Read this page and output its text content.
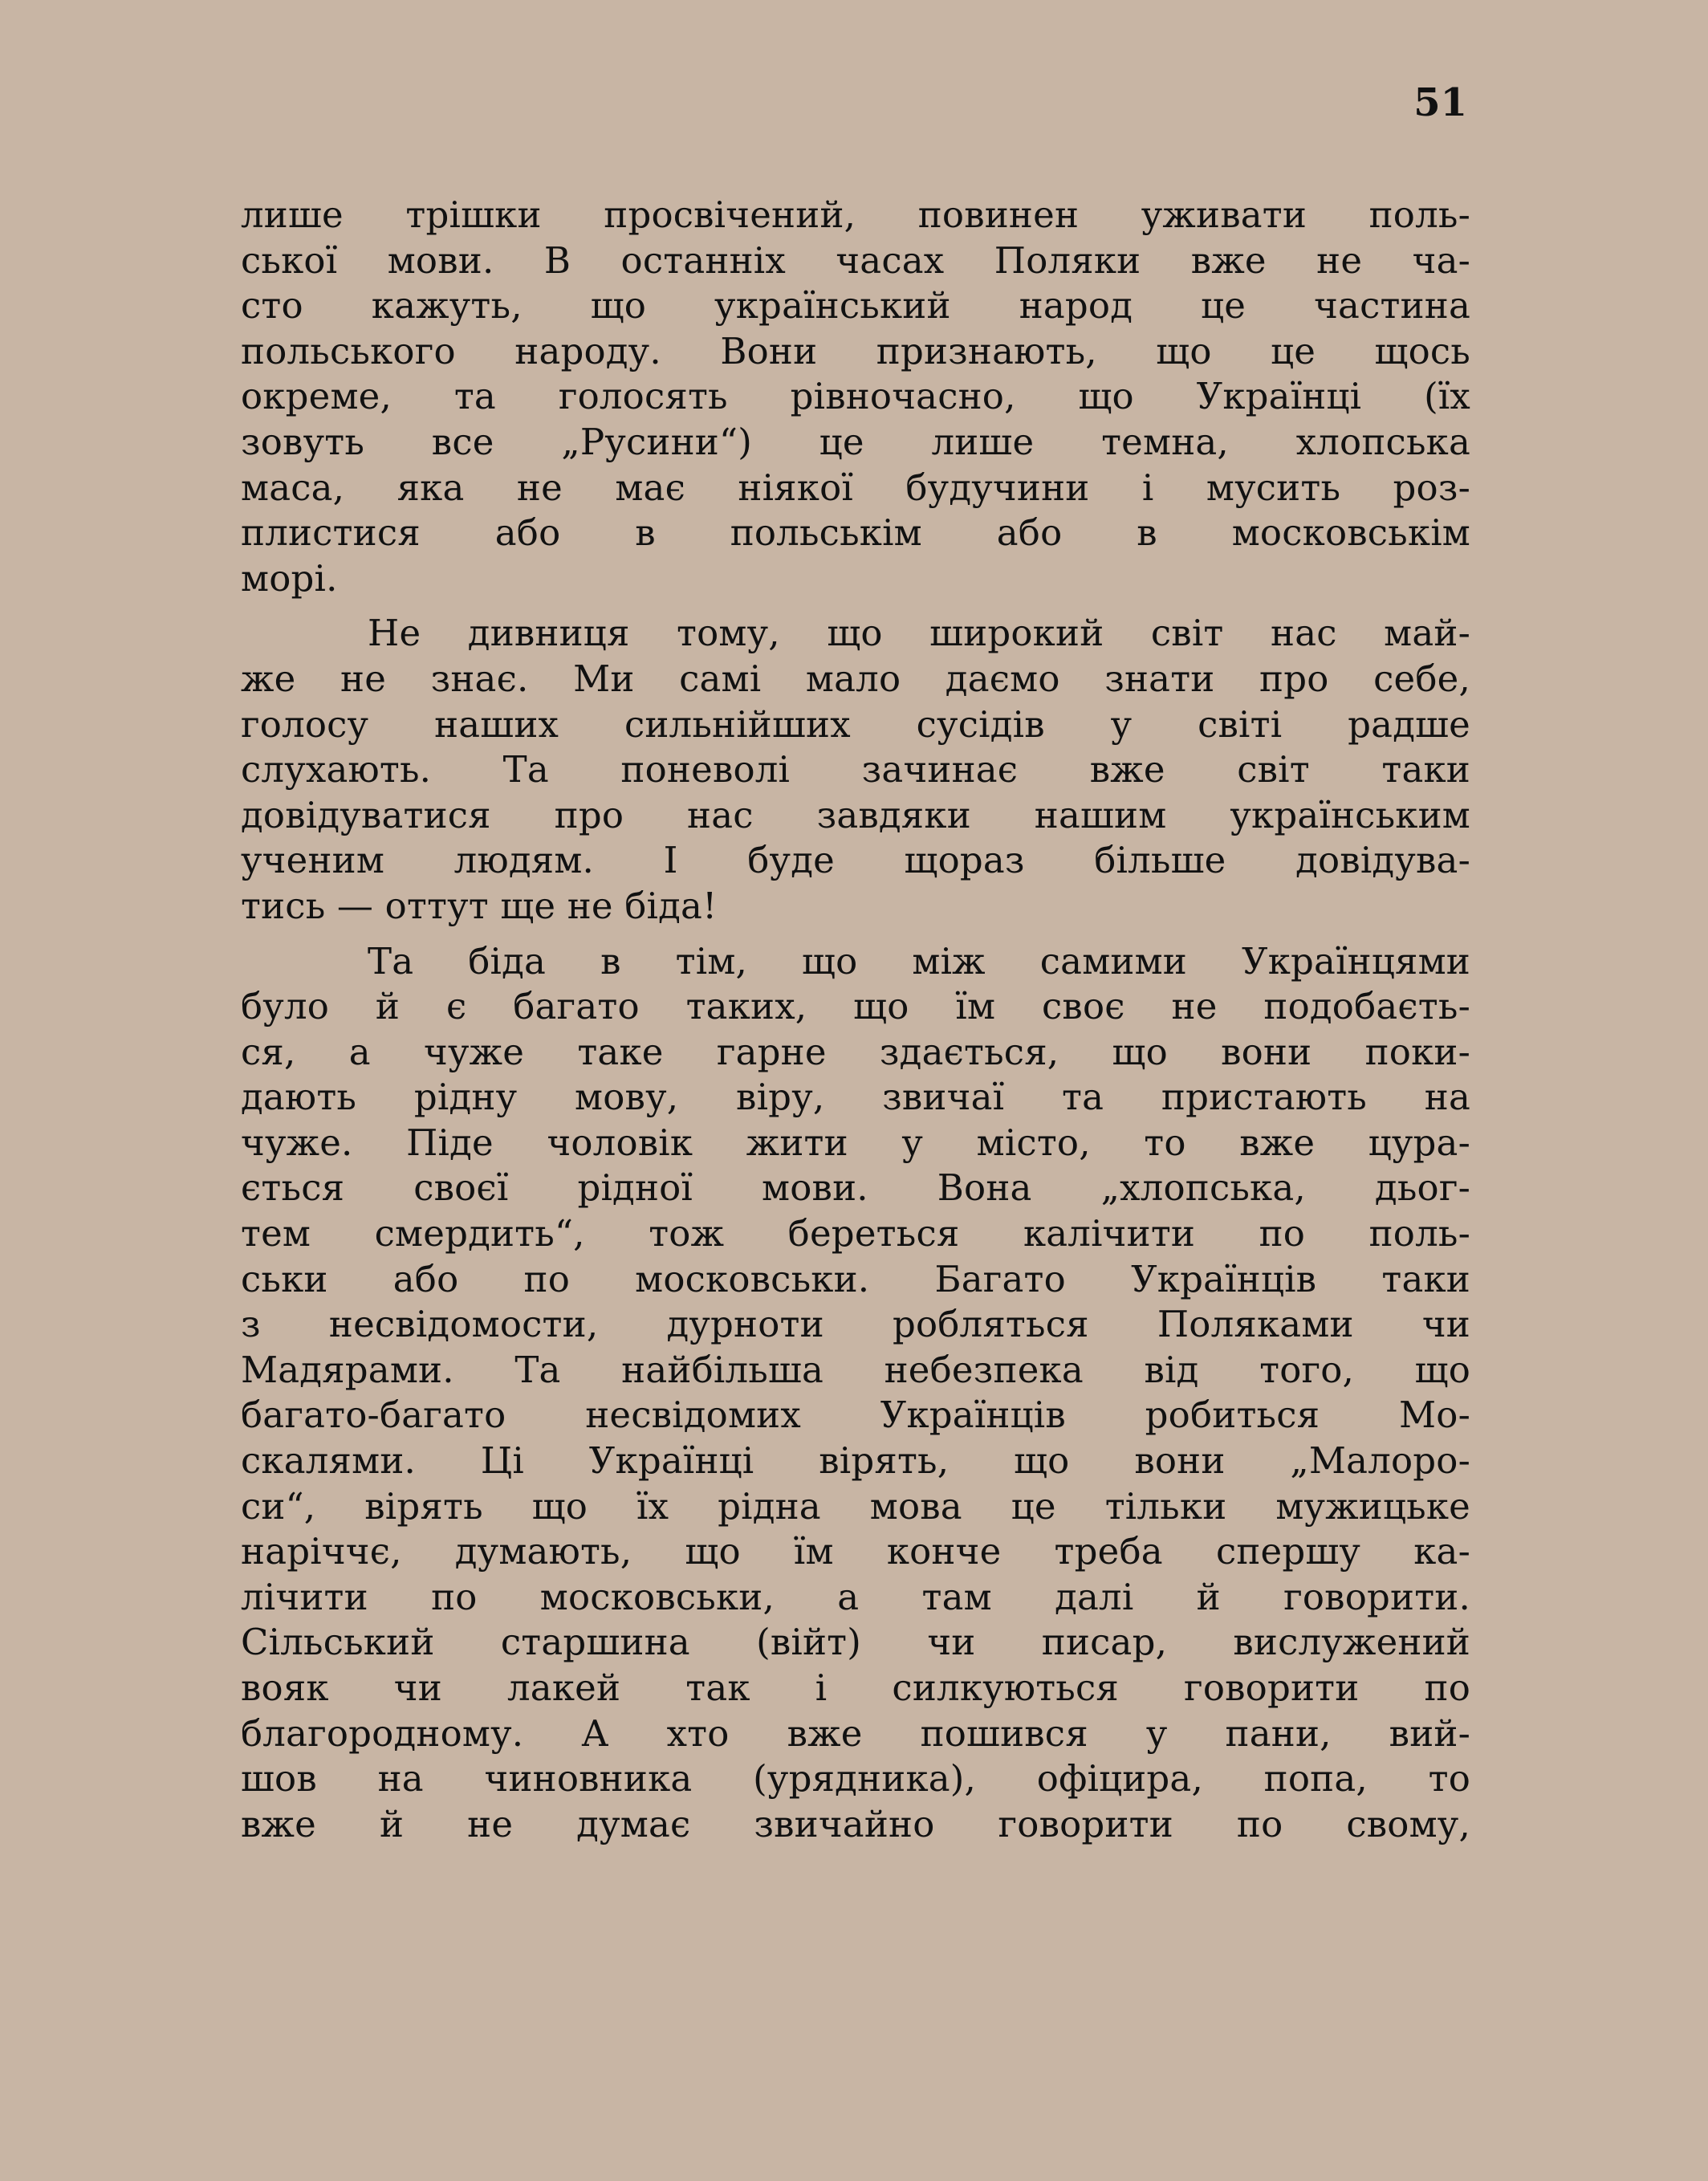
51

лише трішки просвічений, повинен уживати поль-
ської мови. В останніх часах Поляки вже не ча-
сто кажуть, що український народ це частина
польського народу. Вони признають, що це щось
окреме, та голосять рівночасно, що Українці (їх
зовуть все „Русини“) це лише темна, хлопська
маса, яка не має ніякої будучини і мусить роз-
плистися або в польськім або в московськім
морі.

Не дивниця тому, що широкий світ нас май-
же не знає. Ми самі мало даємо знати про себе,
голосу наших сильнійших сусідів у світі радше
слухають. Та поневолі зачинає вже світ таки
довідуватися про нас завдяки нашим українським
ученим людям. І буде щораз більше довідува-
тись — оттут ще не біда!

Та біда в тім, що між самими Українцями
було й є багато таких, що їм своє не подобаєть-
ся, а чуже таке гарне здається, що вони поки-
дають рідну мову, віру, звичаї та пристають на
чуже. Піде чоловік жити у місто, то вже цура-
ється своєї рідної мови. Вона „хлопська, дьог-
тем смердить“, тож береться калічити по поль-
ськи або по московськи. Багато Українців таки
з несвідомости, дурноти робляться Поляками чи
Мадярами. Та найбільша небезпека від того, що
багато-багато несвідомих Українців робиться Мо-
скалями. Ці Українці вірять, що вони „Малоро-
си“, вірять що їх рідна мова це тільки мужицьке
наріччє, думають, що їм конче треба спершу ка-
лічити по московськи, а там далі й говорити.
Сільський старшина (війт) чи писар, вислужений
вояк чи лакей так і силкуються говорити по
благородному. А хто вже пошився у пани, вий-
шов на чиновника (урядника), офіцира, попа, то
вже й не думає звичайно говорити по свому,
